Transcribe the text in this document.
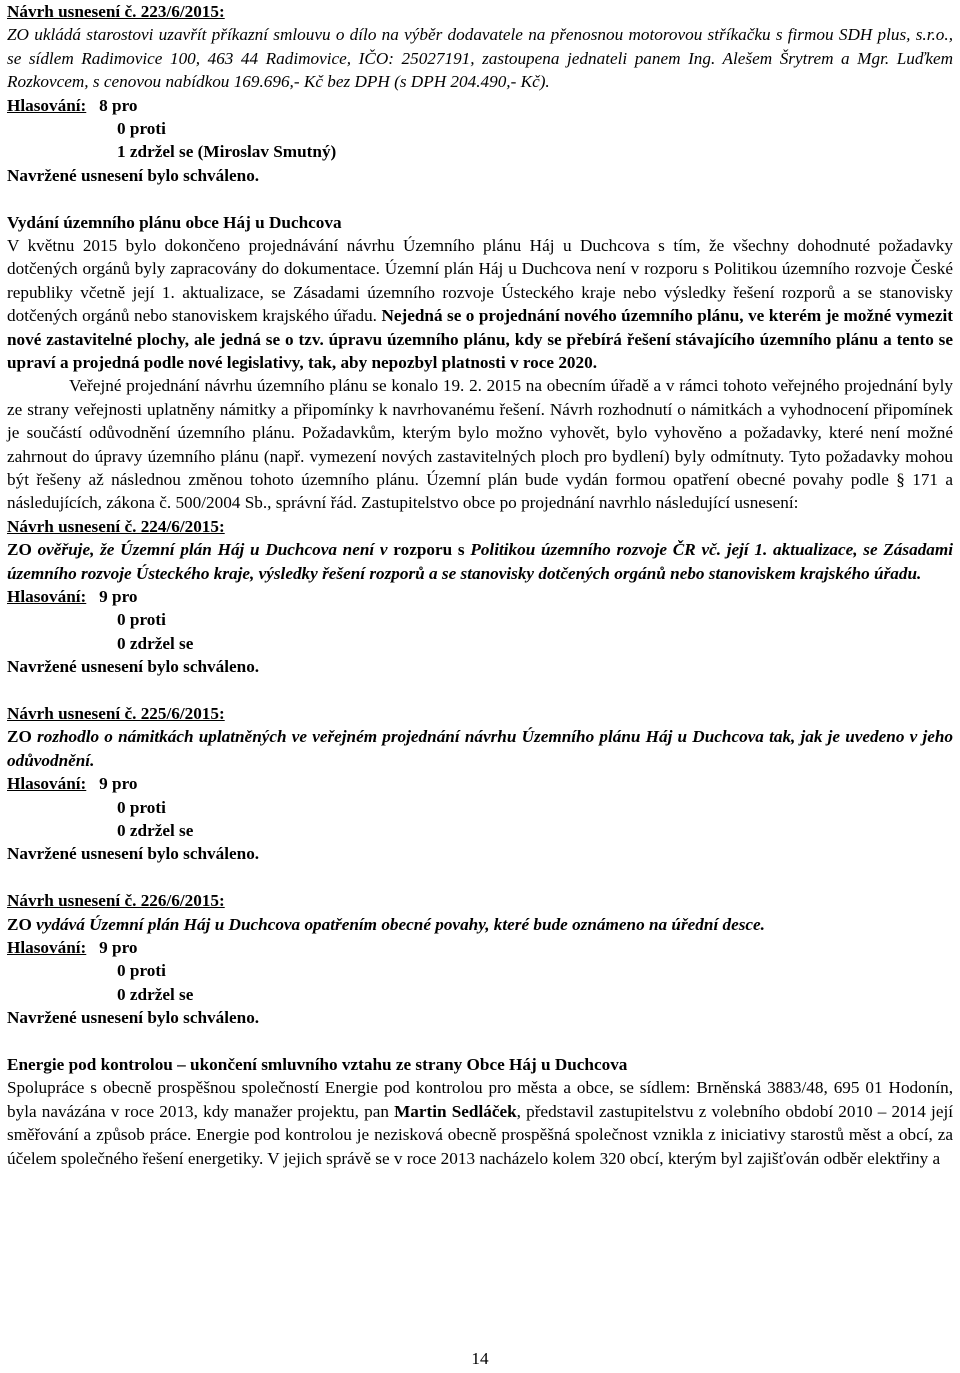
Návrh usnesení č. 223/6/2015:

ZO ukládá starostovi uzavřít příkazní smlouvu o dílo na výběr dodavatele na přenosnou motorovou stříkačku s firmou SDH plus, s.r.o., se sídlem Radimovice 100, 463 44 Radimovice, IČO: 25027191, zastoupena jednateli panem Ing. Alešem Šrytrem a Mgr. Luďkem Rozkovcem, s cenovou nabídkou 169.696,- Kč bez DPH (s DPH 204.490,- Kč).

Hlasování: 8 pro
0 proti
1 zdržel se (Miroslav Smutný)

Navržené usnesení bylo schváleno.

Vydání územního plánu obce Háj u Duchcova

V květnu 2015 bylo dokončeno projednávání návrhu Územního plánu Háj u Duchcova s tím, že všechny dohodnuté požadavky dotčených orgánů byly zapracovány do dokumentace. Územní plán Háj u Duchcova není v rozporu s Politikou územního rozvoje České republiky včetně její 1. aktualizace, se Zásadami územního rozvoje Ústeckého kraje nebo výsledky řešení rozporů a se stanovisky dotčených orgánů nebo stanoviskem krajského úřadu. Nejedná se o projednání nového územního plánu, ve kterém je možné vymezit nové zastavitelné plochy, ale jedná se o tzv. úpravu územního plánu, kdy se přebírá řešení stávajícího územního plánu a tento se upraví a projedná podle nové legislativy, tak, aby nepozbyl platnosti v roce 2020.

Veřejné projednání návrhu územního plánu se konalo 19. 2. 2015 na obecním úřadě a v rámci tohoto veřejného projednání byly ze strany veřejnosti uplatněny námitky a připomínky k navrhovanému řešení. Návrh rozhodnutí o námitkách a vyhodnocení připomínek je součástí odůvodnění územního plánu. Požadavkům, kterým bylo možno vyhovět, bylo vyhověno a požadavky, které není možné zahrnout do úpravy územního plánu (např. vymezení nových zastavitelných ploch pro bydlení) byly odmítnuty. Tyto požadavky mohou být řešeny až následnou změnou tohoto územního plánu. Územní plán bude vydán formou opatření obecné povahy podle § 171 a následujících, zákona č. 500/2004 Sb., správní řád. Zastupitelstvo obce po projednání navrhlo následující usnesení:

Návrh usnesení č. 224/6/2015:

ZO ověřuje, že Územní plán Háj u Duchcova není v rozporu s Politikou územního rozvoje ČR vč. její 1. aktualizace, se Zásadami územního rozvoje Ústeckého kraje, výsledky řešení rozporů a se stanovisky dotčených orgánů nebo stanoviskem krajského úřadu.

Hlasování: 9 pro
0 proti
0 zdržel se

Navržené usnesení bylo schváleno.

Návrh usnesení č. 225/6/2015:

ZO rozhodlo o námitkách uplatněných ve veřejném projednání návrhu Územního plánu Háj u Duchcova tak, jak je uvedeno v jeho odůvodnění.

Hlasování: 9 pro
0 proti
0 zdržel se

Navržené usnesení bylo schváleno.

Návrh usnesení č. 226/6/2015:

ZO vydává Územní plán Háj u Duchcova opatřením obecné povahy, které bude oznámeno na úřední desce.

Hlasování: 9 pro
0 proti
0 zdržel se

Navržené usnesení bylo schváleno.

Energie pod kontrolou – ukončení smluvního vztahu ze strany Obce Háj u Duchcova

Spolupráce s obecně prospěšnou společností Energie pod kontrolou pro města a obce, se sídlem: Brněnská 3883/48, 695 01 Hodonín, byla navázána v roce 2013, kdy manažer projektu, pan Martin Sedláček, představil zastupitelstvu z volebního období 2010 – 2014 její směřování a způsob práce. Energie pod kontrolou je nezisková obecně prospěšná společnost vznikla z iniciativy starostů měst a obcí, za účelem společného řešení energetiky. V jejich správě se v roce 2013 nacházelo kolem 320 obcí, kterým byl zajišťován odběr elektřiny a

14
